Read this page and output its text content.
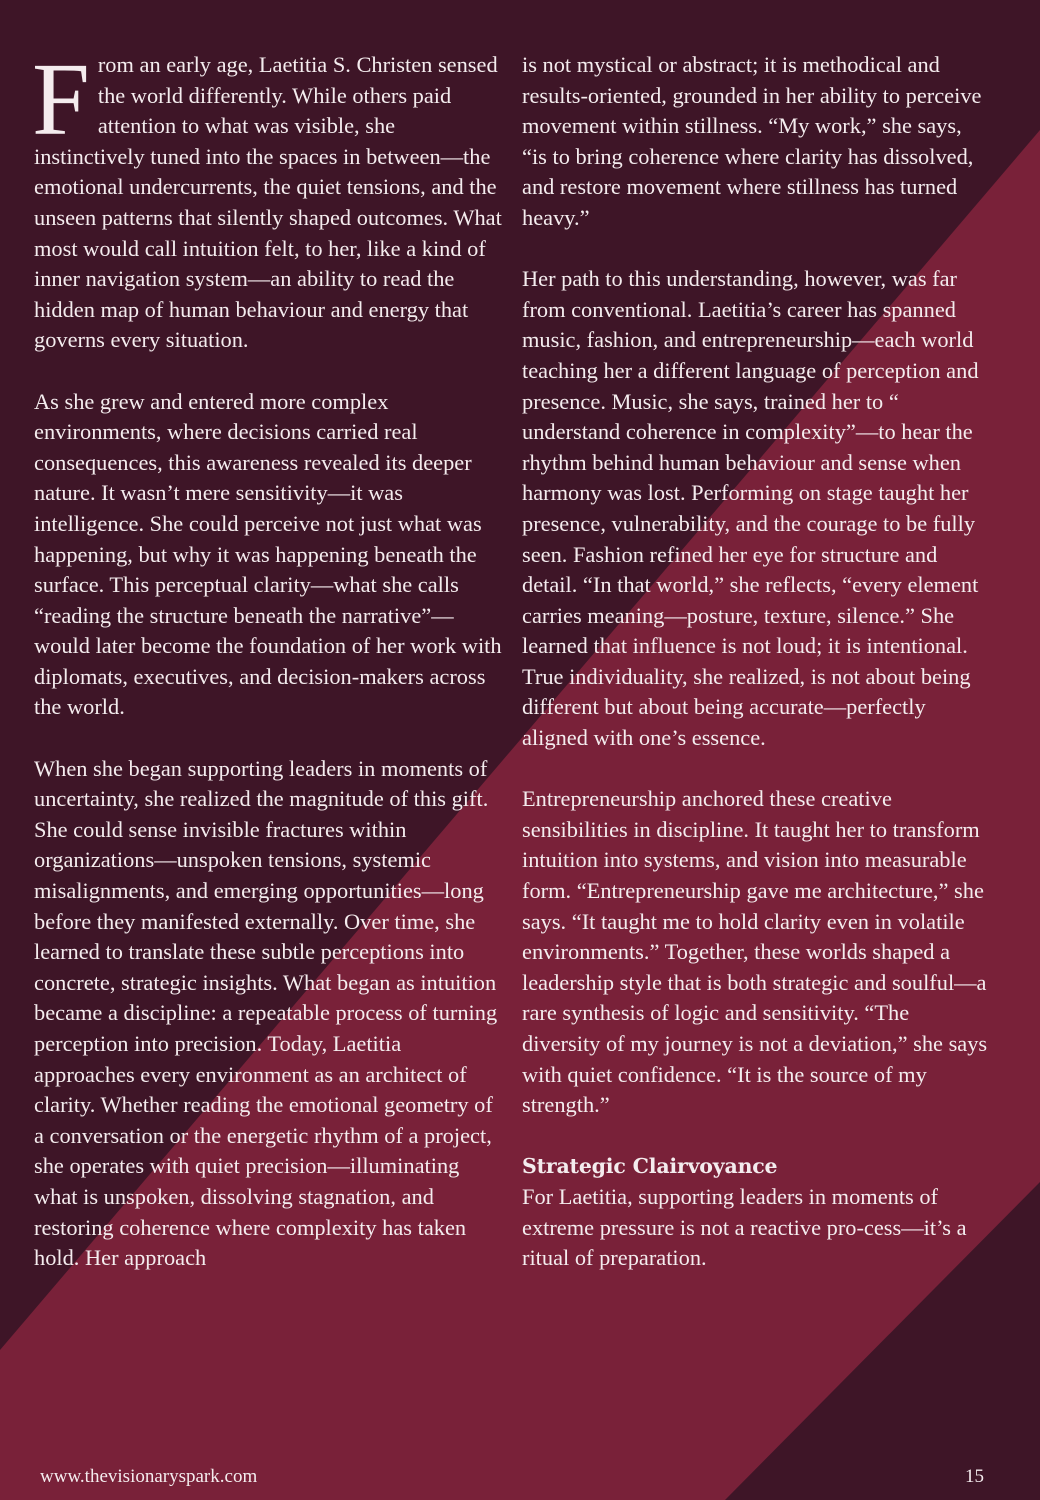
From an early age, Laetitia S. Christen sensed the world differently. While others paid attention to what was visible, she instinctively tuned into the spaces in between—the emotional undercurrents, the quiet tensions, and the unseen patterns that silently shaped outcomes. What most would call intuition felt, to her, like a kind of inner navigation system—an ability to read the hidden map of human behaviour and energy that governs every situation.

As she grew and entered more complex environments, where decisions carried real consequences, this awareness revealed its deeper nature. It wasn’t mere sensitivity—it was intelligence. She could perceive not just what was happening, but why it was happening beneath the surface. This perceptual clarity—what she calls “reading the structure beneath the narrative”—would later become the foundation of her work with diplomats, executives, and decision-makers across the world.

When she began supporting leaders in moments of uncertainty, she realized the magnitude of this gift. She could sense invisible fractures within organizations—unspoken tensions, systemic misalignments, and emerging opportunities—long before they manifested externally. Over time, she learned to translate these subtle perceptions into concrete, strategic insights. What began as intuition became a discipline: a repeatable process of turning perception into precision. Today, Laetitia approaches every environment as an architect of clarity. Whether reading the emotional geometry of a conversation or the energetic rhythm of a project, she operates with quiet precision—illuminating what is unspoken, dissolving stagnation, and restoring coherence where complexity has taken hold. Her approach

is not mystical or abstract; it is methodical and results-oriented, grounded in her ability to perceive movement within stillness. “My work,” she says, “is to bring coherence where clarity has dissolved, and restore movement where stillness has turned heavy.”

Her path to this understanding, however, was far from conventional. Laetitia’s career has spanned music, fashion, and entrepreneurship—each world teaching her a different language of perception and presence. Music, she says, trained her to “ understand coherence in complexity”—to hear the rhythm behind human behaviour and sense when harmony was lost. Performing on stage taught her presence, vulnerability, and the courage to be fully seen. Fashion refined her eye for structure and detail. “In that world,” she reflects, “every element carries meaning—posture, texture, silence.” She learned that influence is not loud; it is intentional. True individuality, she realized, is not about being different but about being accurate—perfectly aligned with one’s essence.

Entrepreneurship anchored these creative sensibilities in discipline. It taught her to transform intuition into systems, and vision into measurable form. “Entrepreneurship gave me architecture,” she says. “It taught me to hold clarity even in volatile environments.” Together, these worlds shaped a leadership style that is both strategic and soulful—a rare synthesis of logic and sensitivity. “The diversity of my journey is not a deviation,” she says with quiet confidence. “It is the source of my strength.”

Strategic Clairvoyance
For Laetitia, supporting leaders in moments of extreme pressure is not a reactive pro-cess—it’s a ritual of preparation.

www.thevisionaryspark.com	15
